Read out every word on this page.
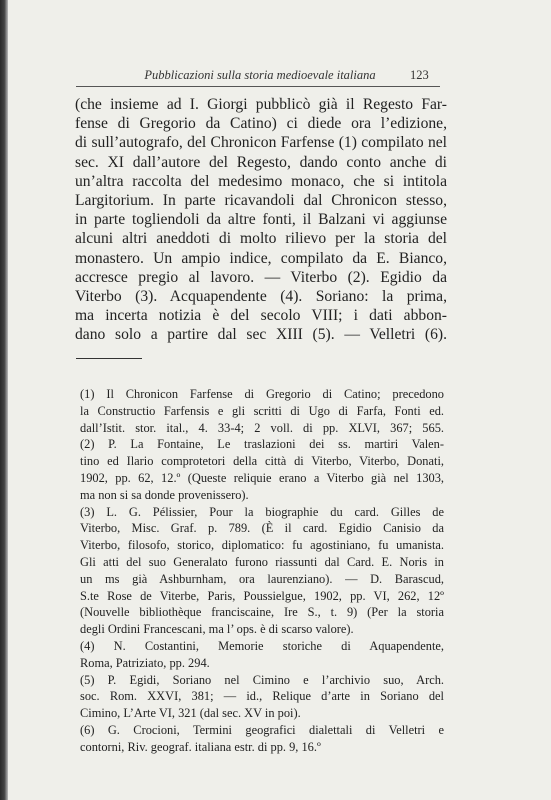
Pubblicazioni sulla storia medioevale italiana	123
(che insieme ad I. Giorgi pubblicò già il Regesto Far-
fense di Gregorio da Catino) ci diede ora l’edizione,
di sull’autografo, del Chronicon Farfense (1) compilato nel
sec. XI dall’autore del Regesto, dando conto anche di
un’altra raccolta del medesimo monaco, che si intitola
Largitorium. In parte ricavandoli dal Chronicon stesso,
in parte togliendoli da altre fonti, il Balzani vi aggiunse
alcuni altri aneddoti di molto rilievo per la storia del
monastero. Un ampio indice, compilato da E. Bianco,
accresce pregio al lavoro. — Viterbo (2). Egidio da
Viterbo (3). Acquapendente (4). Soriano: la prima,
ma incerta notizia è del secolo VIII; i dati abbon-
dano solo a partire dal sec XIII (5). — Velletri (6).
(1) Il Chronicon Farfense di Gregorio di Catino; precedono
la Constructio Farfensis e gli scritti di Ugo di Farfa, Fonti ed.
dall’Istit. stor. ital., 4. 33-4; 2 voll. di pp. XLVI, 367; 565.
(2) P. La Fontaine, Le traslazioni dei ss. martiri Valen-
tino ed Ilario comprotetori della città di Viterbo, Viterbo, Donati,
1902, pp. 62, 12.º (Queste reliquie erano a Viterbo già nel 1303,
ma non si sa donde provenissero).
(3) L. G. Pélissier, Pour la biographie du card. Gilles de
Viterbo, Misc. Graf. p. 789. (È il card. Egidio Canisio da
Viterbo, filosofo, storico, diplomatico: fu agostiniano, fu umanista.
Gli atti del suo Generalato furono riassunti dal Card. E. Noris in
un ms già Ashburnham, ora laurenziano). — D. Barascud,
S.te Rose de Viterbe, Paris, Poussielgue, 1902, pp. VI, 262, 12º
(Nouvelle bibliothèque franciscaine, Ire S., t. 9) (Per la storia
degli Ordini Francescani, ma l’ ops. è di scarso valore).
(4) N. Costantini, Memorie storiche di Aquapendente,
Roma, Patriziato, pp. 294.
(5) P. Egidi, Soriano nel Cimino e l’archivio suo, Arch.
soc. Rom. XXVI, 381; — id., Relique d’arte in Soriano del
Cimino, L’Arte VI, 321 (dal sec. XV in poi).
(6) G. Crocioni, Termini geografici dialettali di Velletri e
contorni, Riv. geograf. italiana estr. di pp. 9, 16.º
